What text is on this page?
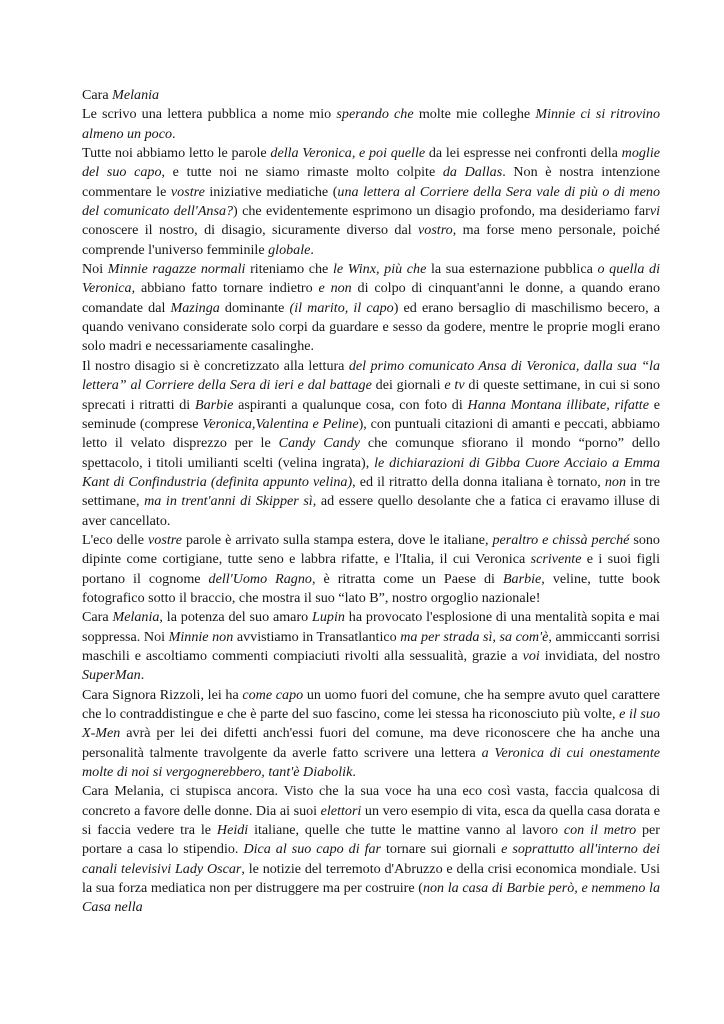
Cara Melania

Le scrivo una lettera pubblica a nome mio sperando che molte mie colleghe Minnie ci si ritrovino almeno un poco.

Tutte noi abbiamo letto le parole della Veronica, e poi quelle da lei espresse nei confronti della moglie del suo capo, e tutte noi ne siamo rimaste molto colpite da Dallas. Non è nostra intenzione commentare le vostre iniziative mediatiche (una lettera al Corriere della Sera vale di più o di meno del comunicato dell'Ansa?) che evidentemente esprimono un disagio profondo, ma desideriamo farvi conoscere il nostro, di disagio, sicuramente diverso dal vostro, ma forse meno personale, poiché comprende l'universo femminile globale.

Noi Minnie ragazze normali riteniamo che le Winx, più che la sua esternazione pubblica o quella di Veronica, abbiano fatto tornare indietro e non di colpo di cinquant'anni le donne, a quando erano comandate dal Mazinga dominante (il marito, il capo) ed erano bersaglio di maschilismo becero, a quando venivano considerate solo corpi da guardare e sesso da godere, mentre le proprie mogli erano solo madri e necessariamente casalinghe.

Il nostro disagio si è concretizzato alla lettura del primo comunicato Ansa di Veronica, dalla sua “la lettera” al Corriere della Sera di ieri e dal battage dei giornali e tv di queste settimane, in cui si sono sprecati i ritratti di Barbie aspiranti a qualunque cosa, con foto di Hanna Montana illibate, rifatte e seminude (comprese Veronica,Valentina e Peline), con puntuali citazioni di amanti e peccati, abbiamo letto il velato disprezzo per le Candy Candy che comunque sfiorano il mondo “porno” dello spettacolo, i titoli umilianti scelti (velina ingrata), le dichiarazioni di Gibba Cuore Acciaio a Emma Kant di Confindustria (definita appunto velina), ed il ritratto della donna italiana è tornato, non in tre settimane, ma in trent'anni di Skipper sì, ad essere quello desolante che a fatica ci eravamo illuse di aver cancellato.

L'eco delle vostre parole è arrivato sulla stampa estera, dove le italiane, peraltro e chissà perché sono dipinte come cortigiane, tutte seno e labbra rifatte, e l'Italia, il cui Veronica scrivente e i suoi figli portano il cognome dell'Uomo Ragno, è ritratta come un Paese di Barbie, veline, tutte book fotografico sotto il braccio, che mostra il suo “lato B”, nostro orgoglio nazionale!

Cara Melania, la potenza del suo amaro Lupin ha provocato l'esplosione di una mentalità sopita e mai soppressa. Noi Minnie non avvistiamo in Transatlantico ma per strada sì, sa com'è, ammiccanti sorrisi maschili e ascoltiamo commenti compiaciuti rivolti alla sessualità, grazie a voi invidiata, del nostro SuperMan.

Cara Signora Rizzoli, lei ha come capo un uomo fuori del comune, che ha sempre avuto quel carattere che lo contraddistingue e che è parte del suo fascino, come lei stessa ha riconosciuto più volte, e il suo X-Men avrà per lei dei difetti anch'essi fuori del comune, ma deve riconoscere che ha anche una personalità talmente travolgente da averle fatto scrivere una lettera a Veronica di cui onestamente molte di noi si vergognerebbero, tant'è Diabolik.

Cara Melania, ci stupisca ancora. Visto che la sua voce ha una eco così vasta, faccia qualcosa di concreto a favore delle donne. Dia ai suoi elettori un vero esempio di vita, esca da quella casa dorata e si faccia vedere tra le Heidi italiane, quelle che tutte le mattine vanno al lavoro con il metro per portare a casa lo stipendio. Dica al suo capo di far tornare sui giornali e soprattutto all'interno dei canali televisivi Lady Oscar, le notizie del terremoto d'Abruzzo e della crisi economica mondiale. Usi la sua forza mediatica non per distruggere ma per costruire (non la casa di Barbie però, e nemmeno la Casa nella
